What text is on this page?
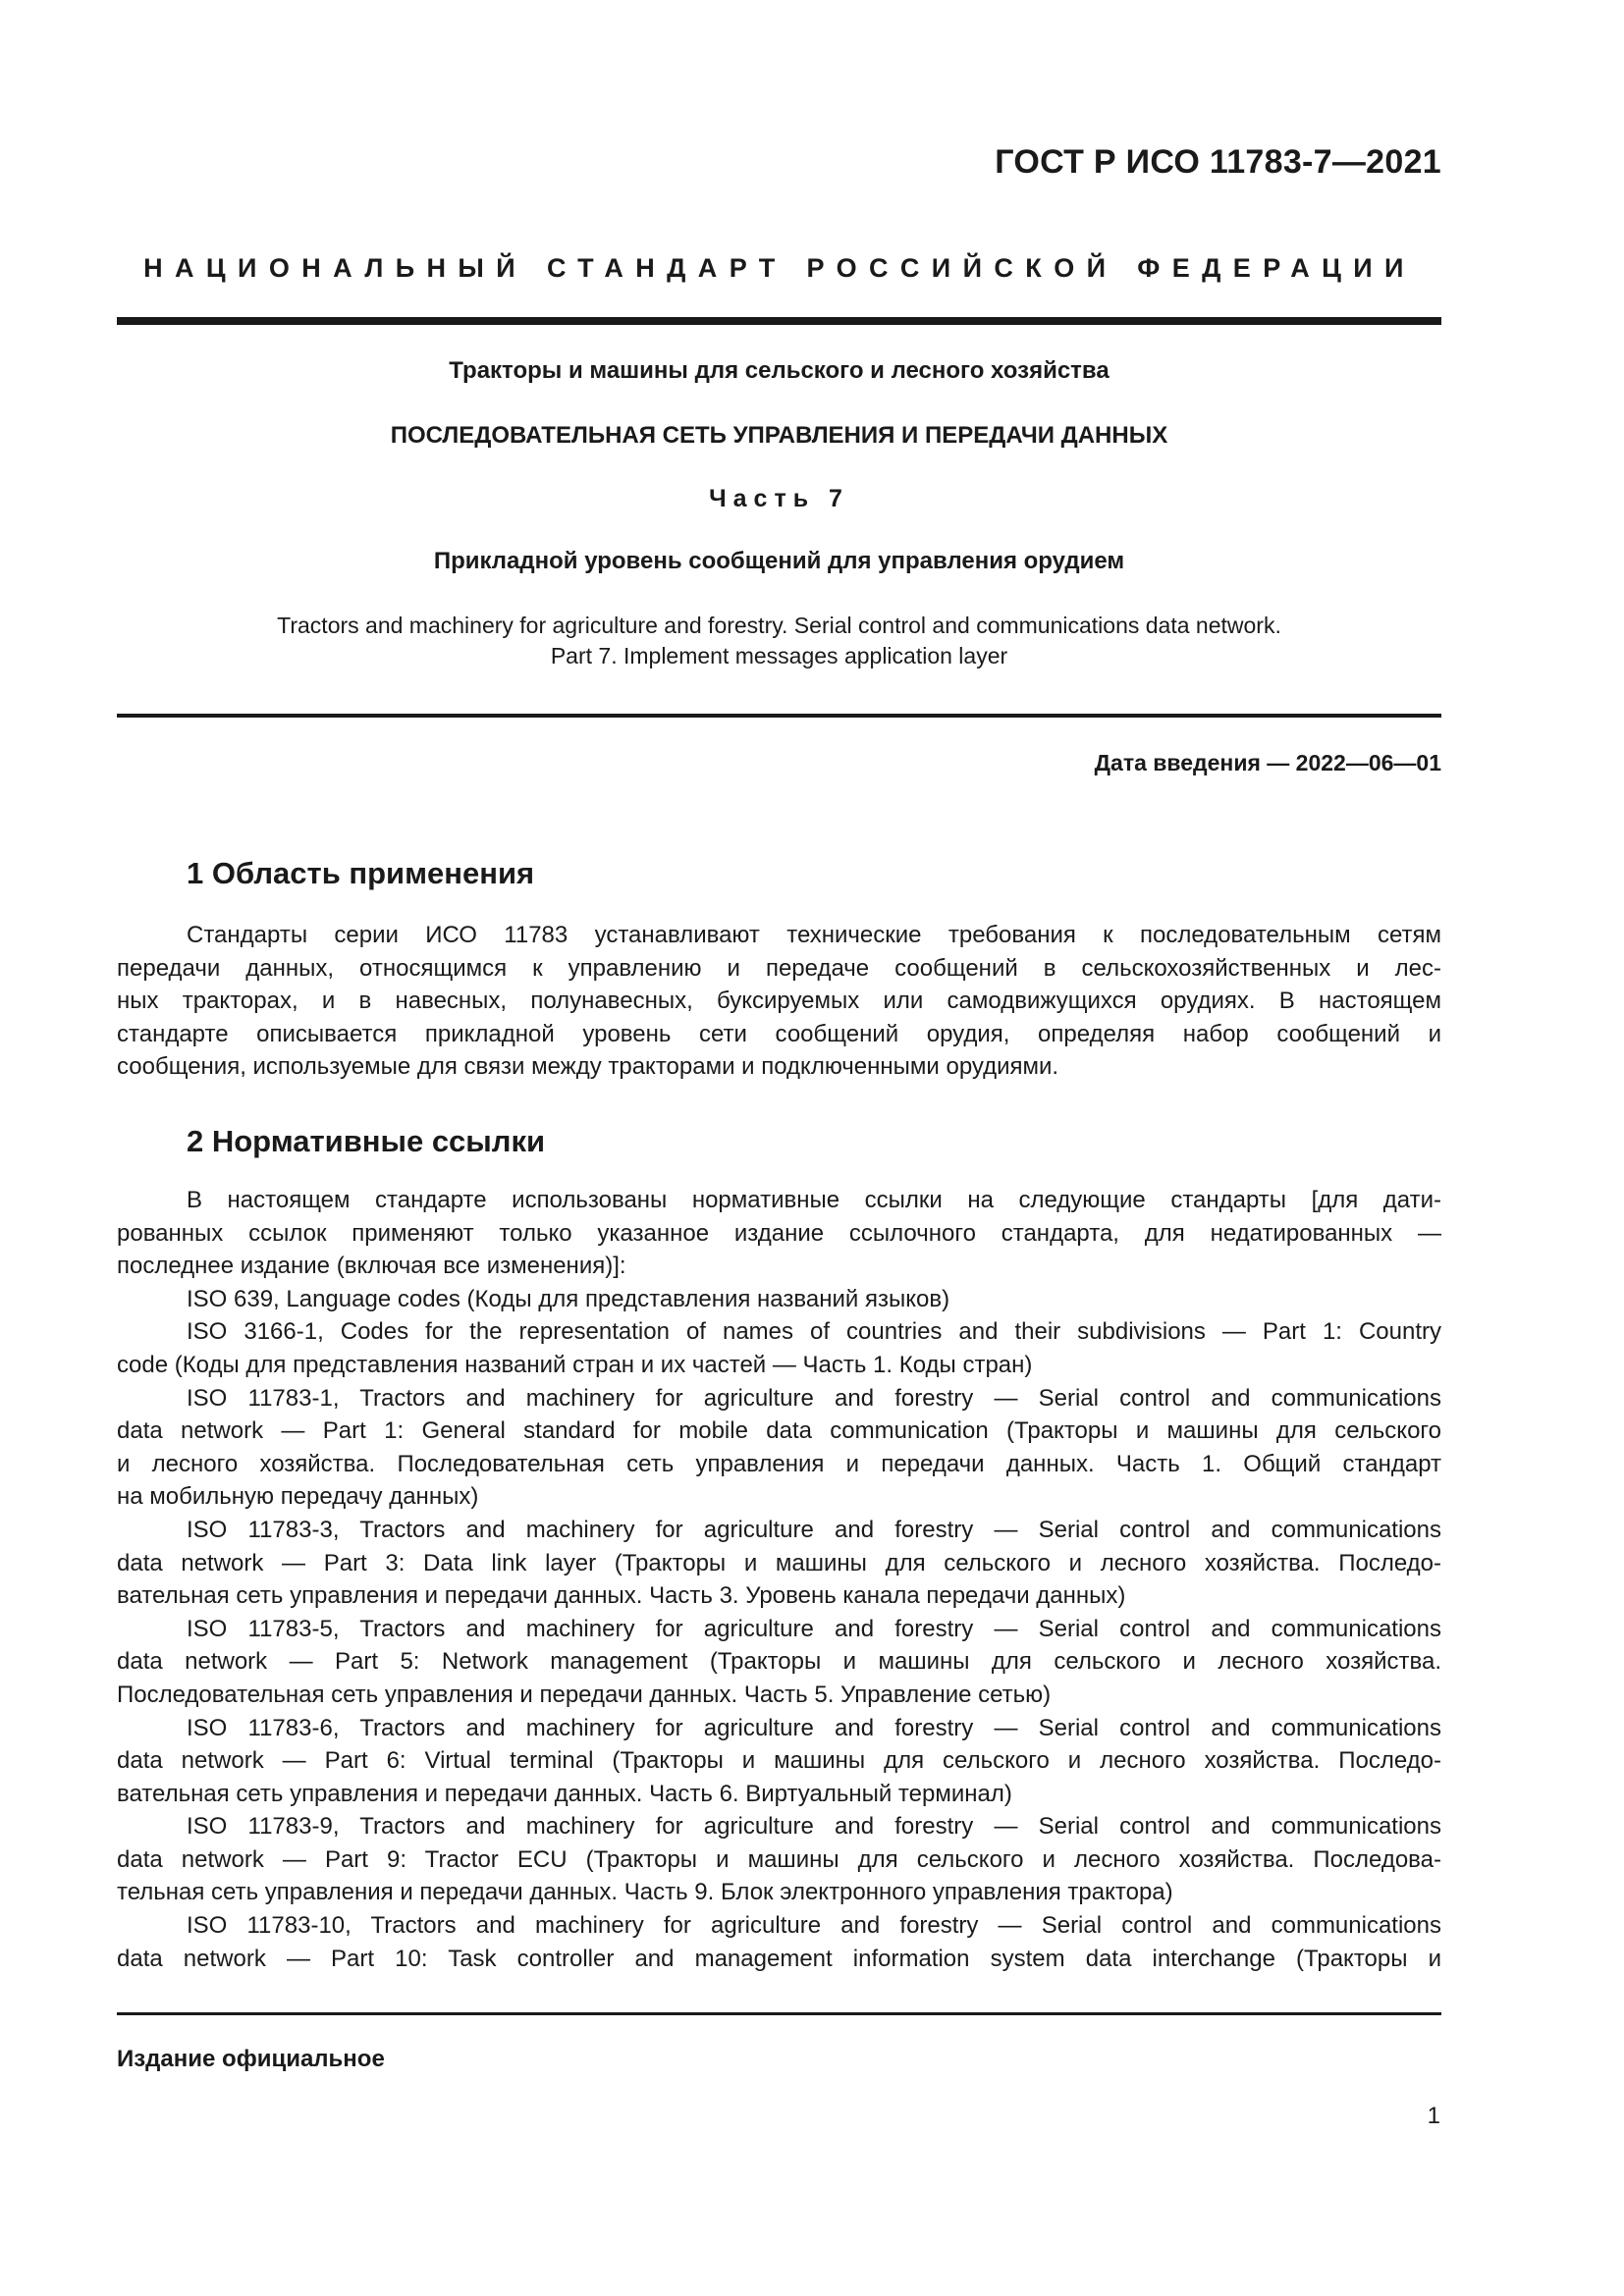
ГОСТ Р ИСО 11783-7—2021
НАЦИОНАЛЬНЫЙ СТАНДАРТ РОССИЙСКОЙ ФЕДЕРАЦИИ
Тракторы и машины для сельского и лесного хозяйства
ПОСЛЕДОВАТЕЛЬНАЯ СЕТЬ УПРАВЛЕНИЯ И ПЕРЕДАЧИ ДАННЫХ
Часть 7
Прикладной уровень сообщений для управления орудием
Tractors and machinery for agriculture and forestry. Serial control and communications data network.
Part 7. Implement messages application layer
Дата введения — 2022—06—01
1 Область применения
Стандарты серии ИСО 11783 устанавливают технические требования к последовательным сетям
передачи данных, относящимся к управлению и передаче сообщений в сельскохозяйственных и лес-
ных тракторах, и в навесных, полунавесных, буксируемых или самодвижущихся орудиях. В настоящем
стандарте описывается прикладной уровень сети сообщений орудия, определяя набор сообщений и
сообщения, используемые для связи между тракторами и подключенными орудиями.
2 Нормативные ссылки
В настоящем стандарте использованы нормативные ссылки на следующие стандарты [для дати-
рованных ссылок применяют только указанное издание ссылочного стандарта, для недатированных —
последнее издание (включая все изменения)]:
ISO 639, Language codes (Коды для представления названий языков)
ISO 3166-1, Codes for the representation of names of countries and their subdivisions — Part 1: Country
code (Коды для представления названий стран и их частей — Часть 1. Коды стран)
ISO 11783-1, Tractors and machinery for agriculture and forestry — Serial control and communications
data network — Part 1: General standard for mobile data communication (Тракторы и машины для сельского
и лесного хозяйства. Последовательная сеть управления и передачи данных. Часть 1. Общий стандарт
на мобильную передачу данных)
ISO 11783-3, Tractors and machinery for agriculture and forestry — Serial control and communications
data network — Part 3: Data link layer (Тракторы и машины для сельского и лесного хозяйства. Последо-
вательная сеть управления и передачи данных. Часть 3. Уровень канала передачи данных)
ISO 11783-5, Tractors and machinery for agriculture and forestry — Serial control and communications
data network — Part 5: Network management (Тракторы и машины для сельского и лесного хозяйства.
Последовательная сеть управления и передачи данных. Часть 5. Управление сетью)
ISO 11783-6, Tractors and machinery for agriculture and forestry — Serial control and communications
data network — Part 6: Virtual terminal (Тракторы и машины для сельского и лесного хозяйства. Последо-
вательная сеть управления и передачи данных. Часть 6. Виртуальный терминал)
ISO 11783-9, Tractors and machinery for agriculture and forestry — Serial control and communications
data network — Part 9: Tractor ECU (Тракторы и машины для сельского и лесного хозяйства. Последова-
тельная сеть управления и передачи данных. Часть 9. Блок электронного управления трактора)
ISO 11783-10, Tractors and machinery for agriculture and forestry — Serial control and communications
data network — Part 10: Task controller and management information system data interchange (Тракторы и
Издание официальное
1
